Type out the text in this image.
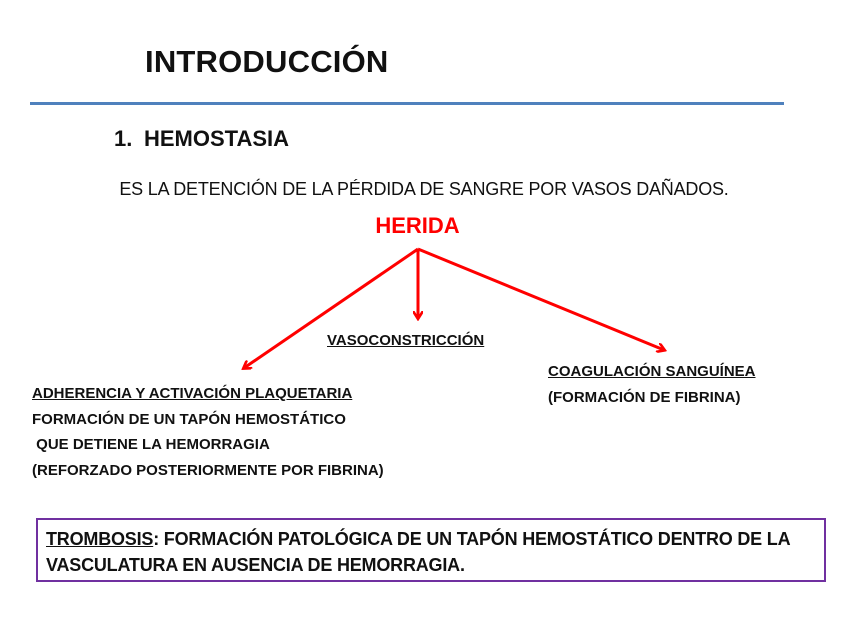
INTRODUCCIÓN
1. HEMOSTASIA
ES LA DETENCIÓN DE LA PÉRDIDA DE SANGRE POR VASOS DAÑADOS.
HERIDA
VASOCONSTRICCIÓN
ADHERENCIA Y ACTIVACIÓN PLAQUETARIA
FORMACIÓN DE UN TAPÓN HEMOSTÁTICO
QUE DETIENE LA HEMORRAGIA
(REFORZADO POSTERIORMENTE POR FIBRINA)
COAGULACIÓN SANGUÍNEA
(FORMACIÓN DE FIBRINA)
TROMBOSIS: FORMACIÓN PATOLÓGICA DE UN TAPÓN HEMOSTÁTICO DENTRO DE LA VASCULATURA EN AUSENCIA DE HEMORRAGIA.
